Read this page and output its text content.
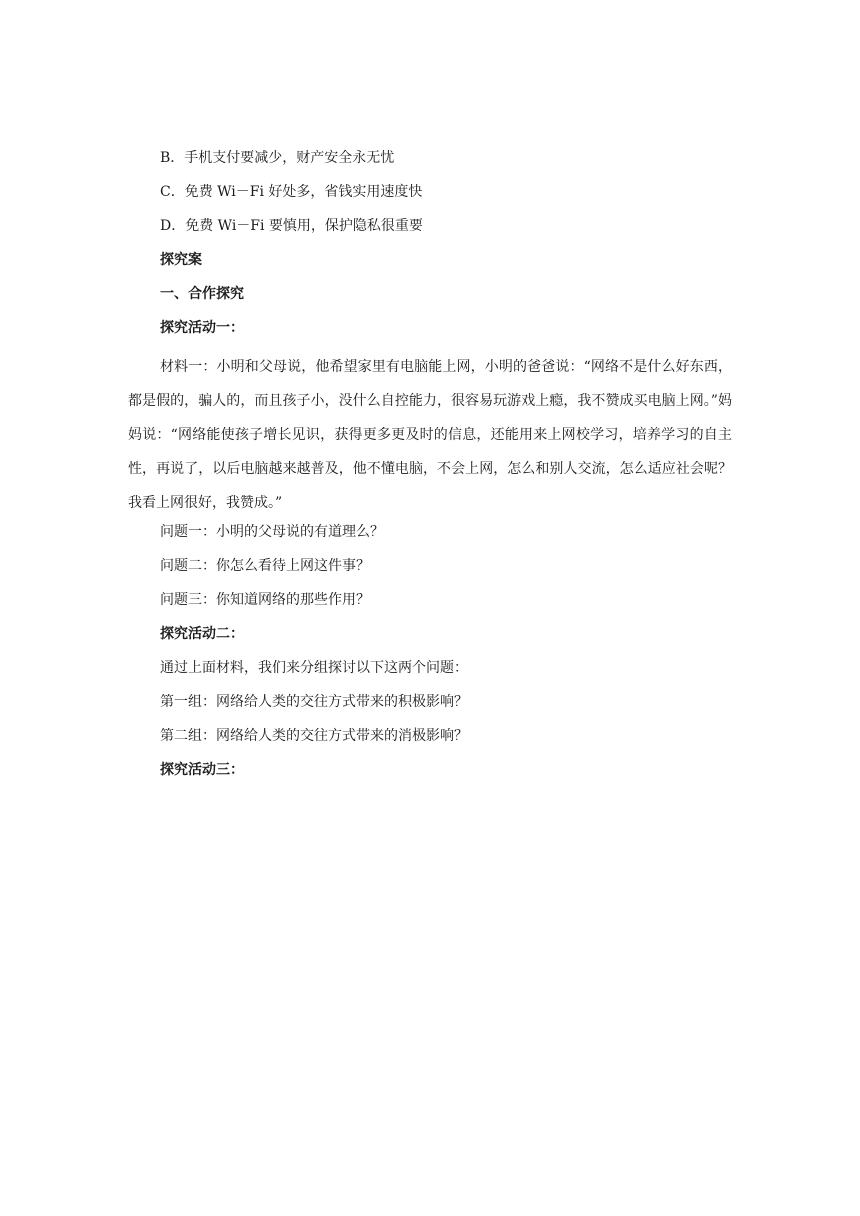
B．手机支付要减少，财产安全永无忧

C．免费 Wi－Fi 好处多，省钱实用速度快

D．免费 Wi－Fi 要慎用，保护隐私很重要

探究案

一、合作探究

探究活动一：

材料一：小明和父母说，他希望家里有电脑能上网，小明的爸爸说：“网络不是什么好东西，都是假的，骗人的，而且孩子小，没什么自控能力，很容易玩游戏上瘾，我不赞成买电脑上网。”妈妈说：“网络能使孩子增长见识，获得更多更及时的信息，还能用来上网校学习，培养学习的自主性，再说了，以后电脑越来越普及，他不懂电脑，不会上网，怎么和别人交流，怎么适应社会呢？我看上网很好，我赞成。”

问题一：小明的父母说的有道理么？

问题二：你怎么看待上网这件事？

问题三：你知道网络的那些作用？

探究活动二：

通过上面材料，我们来分组探讨以下这两个问题：

第一组：网络给人类的交往方式带来的积极影响？

第二组：网络给人类的交往方式带来的消极影响？

探究活动三：
